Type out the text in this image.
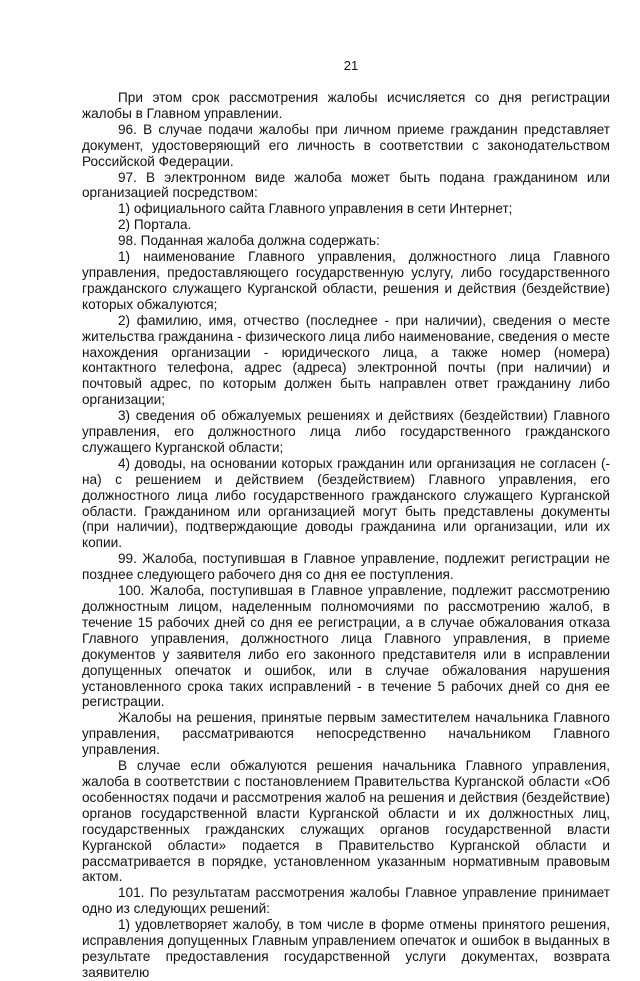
21

При этом срок рассмотрения жалобы исчисляется со дня регистрации жалобы в Главном управлении.

96. В случае подачи жалобы при личном приеме гражданин представляет документ, удостоверяющий его личность в соответствии с законодательством Российской Федерации.

97. В электронном виде жалоба может быть подана гражданином или организацией посредством:

1) официального сайта Главного управления в сети Интернет;

2) Портала.

98. Поданная жалоба должна содержать:

1) наименование Главного управления, должностного лица Главного управления, предоставляющего государственную услугу, либо государственного гражданского служащего Курганской области, решения и действия (бездействие) которых обжалуются;

2) фамилию, имя, отчество (последнее - при наличии), сведения о месте жительства гражданина - физического лица либо наименование, сведения о месте нахождения организации - юридического лица, а также номер (номера) контактного телефона, адрес (адреса) электронной почты (при наличии) и почтовый адрес, по которым должен быть направлен ответ гражданину либо организации;

3) сведения об обжалуемых решениях и действиях (бездействии) Главного управления, его должностного лица либо государственного гражданского служащего Курганской области;

4) доводы, на основании которых гражданин или организация не согласен (-на) с решением и действием (бездействием) Главного управления, его должностного лица либо государственного гражданского служащего Курганской области. Гражданином или организацией могут быть представлены документы (при наличии), подтверждающие доводы гражданина или организации, или их копии.

99. Жалоба, поступившая в Главное управление, подлежит регистрации не позднее следующего рабочего дня со дня ее поступления.

100. Жалоба, поступившая в Главное управление, подлежит рассмотрению должностным лицом, наделенным полномочиями по рассмотрению жалоб, в течение 15 рабочих дней со дня ее регистрации, а в случае обжалования отказа Главного управления, должностного лица Главного управления, в приеме документов у заявителя либо его законного представителя или в исправлении допущенных опечаток и ошибок, или в случае обжалования нарушения установленного срока таких исправлений - в течение 5 рабочих дней со дня ее регистрации.

Жалобы на решения, принятые первым заместителем начальника Главного управления, рассматриваются непосредственно начальником Главного управления.

В случае если обжалуются решения начальника Главного управления, жалоба в соответствии с постановлением Правительства Курганской области «Об особенностях подачи и рассмотрения жалоб на решения и действия (бездействие) органов государственной власти Курганской области и их должностных лиц, государственных гражданских служащих органов государственной власти Курганской области» подается в Правительство Курганской области и рассматривается в порядке, установленном указанным нормативным правовым актом.

101. По результатам рассмотрения жалобы Главное управление принимает одно из следующих решений:

1) удовлетворяет жалобу, в том числе в форме отмены принятого решения, исправления допущенных Главным управлением опечаток и ошибок в выданных в результате предоставления государственной услуги документах, возврата заявителю
